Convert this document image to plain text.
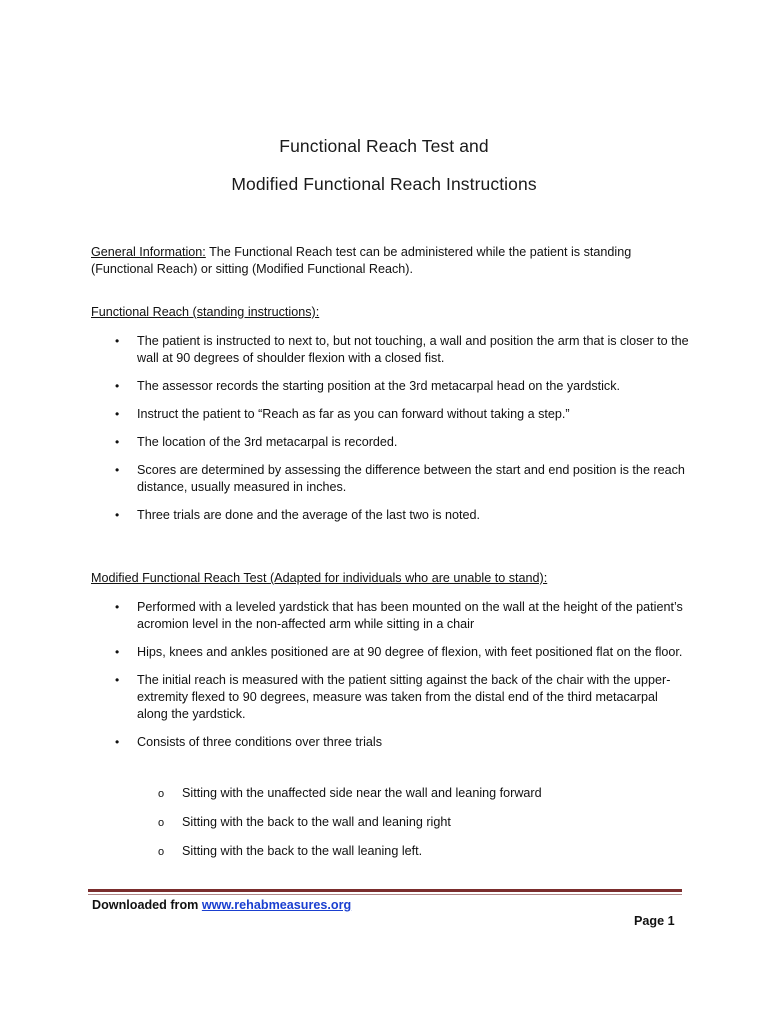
Functional Reach Test and
Modified Functional Reach Instructions
General Information: The Functional Reach test can be administered while the patient is standing (Functional Reach) or sitting (Modified Functional Reach).
Functional Reach (standing instructions):
• The patient is instructed to next to, but not touching, a wall and position the arm that is closer to the wall at 90 degrees of shoulder flexion with a closed fist.
• The assessor records the starting position at the 3rd metacarpal head on the yardstick.
• Instruct the patient to “Reach as far as you can forward without taking a step.”
• The location of the 3rd metacarpal is recorded.
• Scores are determined by assessing the difference between the start and end position is the reach distance, usually measured in inches.
• Three trials are done and the average of the last two is noted.
Modified Functional Reach Test (Adapted for individuals who are unable to stand):
• Performed with a leveled yardstick that has been mounted on the wall at the height of the patient’s acromion level in the non-affected arm while sitting in a chair
• Hips, knees and ankles positioned are at 90 degree of flexion, with feet positioned flat on the floor.
• The initial reach is measured with the patient sitting against the back of the chair with the upper-extremity flexed to 90 degrees, measure was taken from the distal end of the third metacarpal along the yardstick.
• Consists of three conditions over three trials
o Sitting with the unaffected side near the wall and leaning forward
o Sitting with the back to the wall and leaning right
o Sitting with the back to the wall leaning left.
Downloaded from www.rehabmeasures.org
Page 1
